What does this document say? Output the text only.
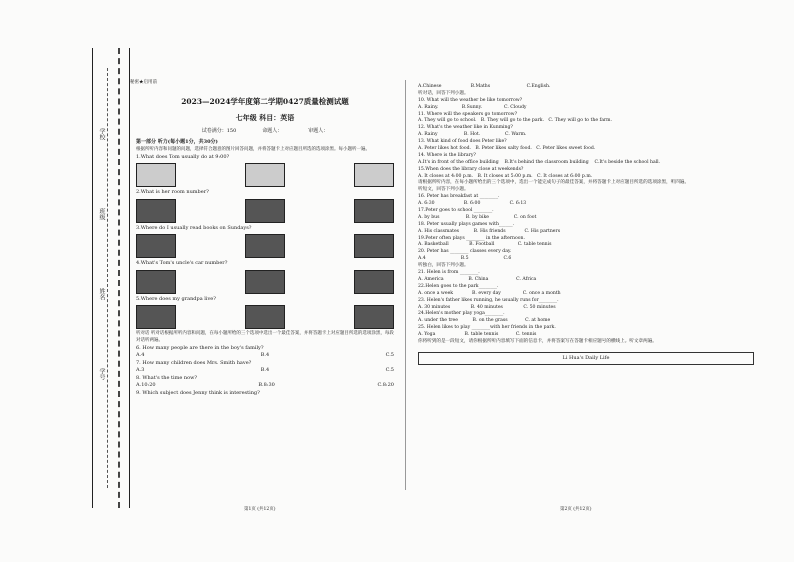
学校
班级
姓名
学号
秘密★启用前
2023—2024学年度第二学期0427质量检测试题
七年级 科目：英语
试卷满分：150	命题人：	审题人：
第一部分 听力(每小题1分，共30分)
根据所听内容和问题的问题，选择符合题意的图片回答问题，并将答题卡上对应题目所选的选项涂黑。每小题听一遍。
1.What does Tom usually do at 9:00?
2.What is her room number?
3.Where do I usually read books on Sundays?
4.What's Tom's uncle's car number?
5.Where does my grandpa live?
听对话 听对话根据所听内容和问题，在每小题所给的三个选项中选出一个最佳答案，并将答题卡上对应题目所选的选项涂黑，每段对话听两遍。
6. How many people are there in the boy's family?
A.4	B.4	C.5
7. How many children does Mrs. Smith have?
A.3	B.4	C.5
8. What's the time now?
A.10:20	B.8:30	C.8:20
9. Which subject does Jenny think is interesting?
A.Chinese                    B.Maths                         C.English.
听对话，回答下列小题。
10. What will the weather be like tomorrow?
A. Rainy.                B.Sunny.               C. Cloudy
11. Where will the speakers go tomorrow?
A. They will go to school.   B. They will go to the park.   C. They will go to the farm.
12. What's the weather like in Kunming?
A. Rainy                  B. Hot.                 C. Warm.
13. What kind of food does Peter like?
A. Peter likes hot food.   B. Peter likes salty food.   C. Peter likes sweet food.
14. Where is the library?
A.It's in front of the office building    B.It's behind the classroom building    C.It's beside the school hall.
15.When does the library close at weekends?
A. It closes at 4:00 p.m.   B. It closes at 5:00 p.m.   C. It closes at 6:00 p.m.
请根据所听内容，在每小题所给出的三个选项中，选出一个能完成句子的最佳答案，并将答题卡上对应题目所选的选项涂黑，听四遍。
听短文，回答下列小题。
16. Peter has breakfast at ________.
A. 6:30                    B. 6:00                    C. 6:13
17.Peter goes to school ________.
A. by bus                  B. by bike                 C. on foot
18. Peter usually plays games with______.
A. His classmates          B. His friends             C. His partners
19.Peter often plays ________ in the afternoon.
A. Basketball              B. Football                C. table tennis
20. Peter has ________ classes every day.
A.4                        B.5                        C.6
听独白，回答下列小题。
21. Helen is from ________.
A. America                 B. China                   C. Africa
22.Helen goes to the park________.
A. once a week             B. every day               C. once a month
23. Helen's father likes running, he usually runs for________.
A. 30 minutes              B. 40 minutes              C. 50 minutes
24.Helen's mother play yoga________.
A. under the tree          B. on the grass            C. at home
25. Helen likes to play ________with her friends in the park.
A. Yoga                    B. table tennis            C. tennis
你将听到的是一段短文，请你根据所听内容填写下面的信息卡，并将答案写在答题卡相应题号的横线上。听文章两遍。
Li Hua's Daily Life
第1页 (共12页)	第2页 (共12页)
